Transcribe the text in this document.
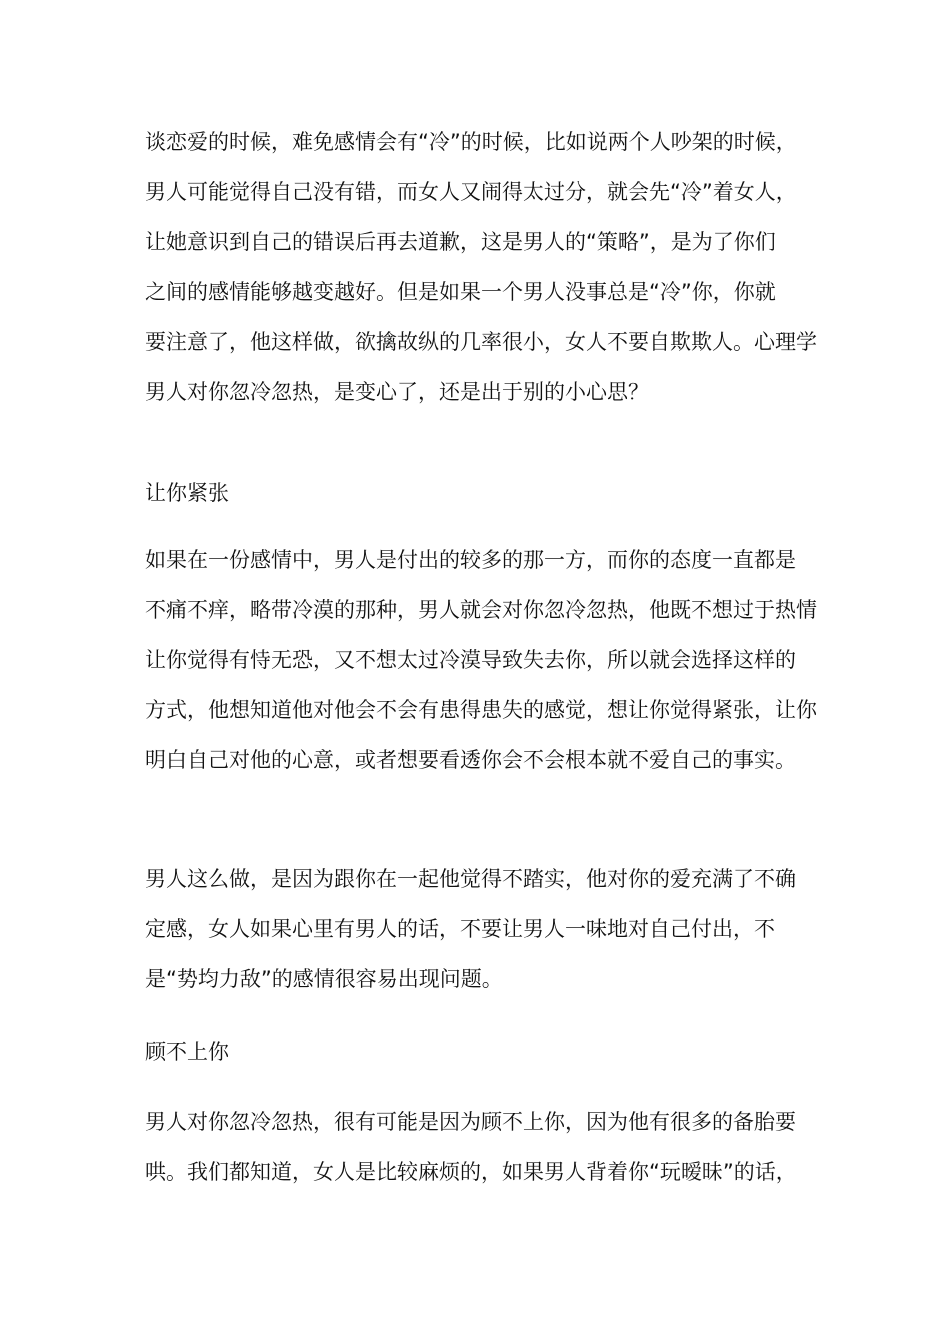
谈恋爱的时候，难免感情会有“冷”的时候，比如说两个人吵架的时候，
男人可能觉得自己没有错，而女人又闹得太过分，就会先“冷”着女人，
让她意识到自己的错误后再去道歉，这是男人的“策略”，是为了你们
之间的感情能够越变越好。但是如果一个男人没事总是“冷”你，你就
要注意了，他这样做，欲擒故纵的几率很小，女人不要自欺欺人。心理学
男人对你忽冷忽热，是变心了，还是出于别的小心思？
让你紧张
如果在一份感情中，男人是付出的较多的那一方，而你的态度一直都是
不痛不痒，略带冷漠的那种，男人就会对你忽冷忽热，他既不想过于热情
让你觉得有恃无恐，又不想太过冷漠导致失去你，所以就会选择这样的
方式，他想知道他对他会不会有患得患失的感觉，想让你觉得紧张，让你
明白自己对他的心意，或者想要看透你会不会根本就不爱自己的事实。
男人这么做，是因为跟你在一起他觉得不踏实，他对你的爱充满了不确
定感，女人如果心里有男人的话，不要让男人一味地对自己付出，不
是“势均力敌”的感情很容易出现问题。
顾不上你
男人对你忽冷忽热，很有可能是因为顾不上你，因为他有很多的备胎要
哄。我们都知道，女人是比较麻烦的，如果男人背着你“玩暧昧”的话，
